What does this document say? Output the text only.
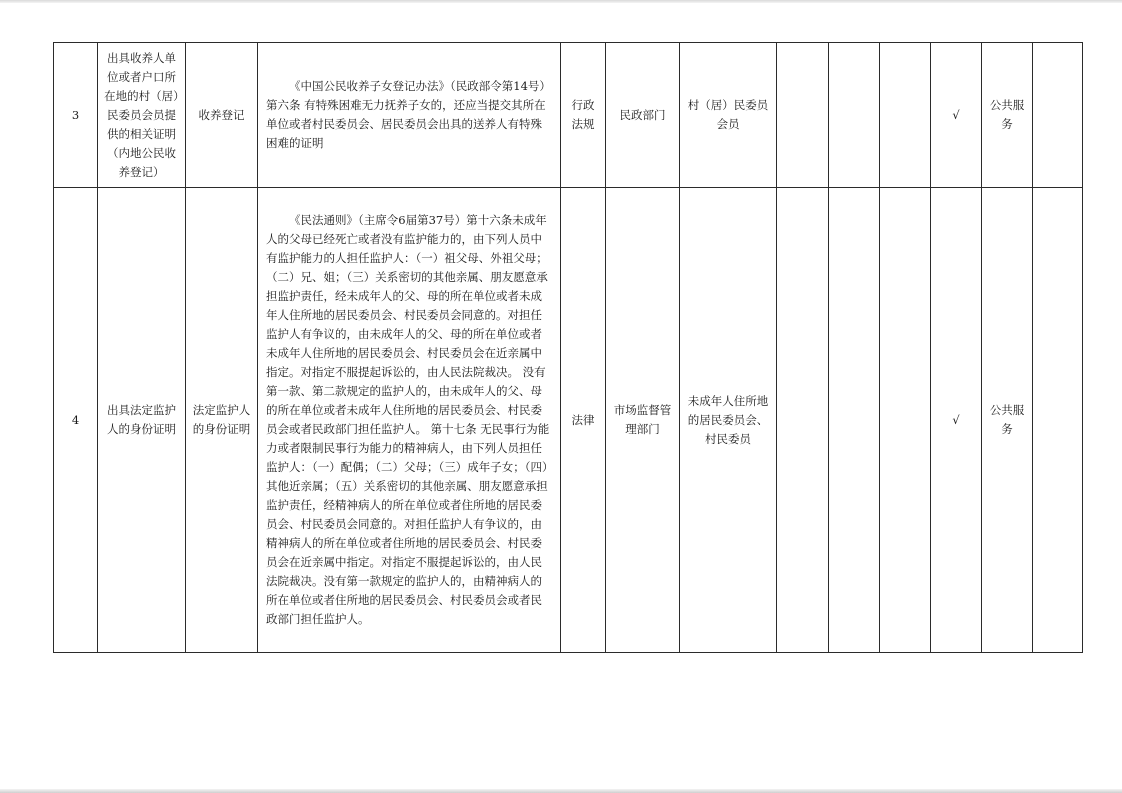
3	出具收养人单位或者户口所在地的村（居）民委员会员提供的相关证明（内地公民收养登记）	收养登记	《中国公民收养子女登记办法》（民政部令第14号）第六条 有特殊困难无力抚养子女的，还应当提交其所在单位或者村民委员会、居民委员会出具的送养人有特殊困难的证明	行政法规	民政部门	村（居）民委员会员				√	公共服务	
4	出具法定监护人的身份证明	法定监护人的身份证明	《民法通则》（主席令6届第37号）第十六条未成年人的父母已经死亡或者没有监护能力的，由下列人员中有监护能力的人担任监护人：（一）祖父母、外祖父母；（二）兄、姐；（三）关系密切的其他亲属、朋友愿意承担监护责任，经未成年人的父、母的所在单位或者未成年人住所地的居民委员会、村民委员会同意的。对担任监护人有争议的，由未成年人的父、母的所在单位或者未成年人住所地的居民委员会、村民委员会在近亲属中指定。对指定不服提起诉讼的，由人民法院裁决。 没有第一款、第二款规定的监护人的，由未成年人的父、母的所在单位或者未成年人住所地的居民委员会、村民委员会或者民政部门担任监护人。 第十七条 无民事行为能力或者限制民事行为能力的精神病人，由下列人员担任监护人：（一）配偶；（二）父母；（三）成年子女；（四）其他近亲属；（五）关系密切的其他亲属、朋友愿意承担监护责任，经精神病人的所在单位或者住所地的居民委员会、村民委员会同意的。对担任监护人有争议的，由精神病人的所在单位或者住所地的居民委员会、村民委员会在近亲属中指定。对指定不服提起诉讼的，由人民法院裁决。没有第一款规定的监护人的，由精神病人的所在单位或者住所地的居民委员会、村民委员会或者民政部门担任监护人。	法律	市场监督管理部门	未成年人住所地的居民委员会、村民委员				√	公共服务	
